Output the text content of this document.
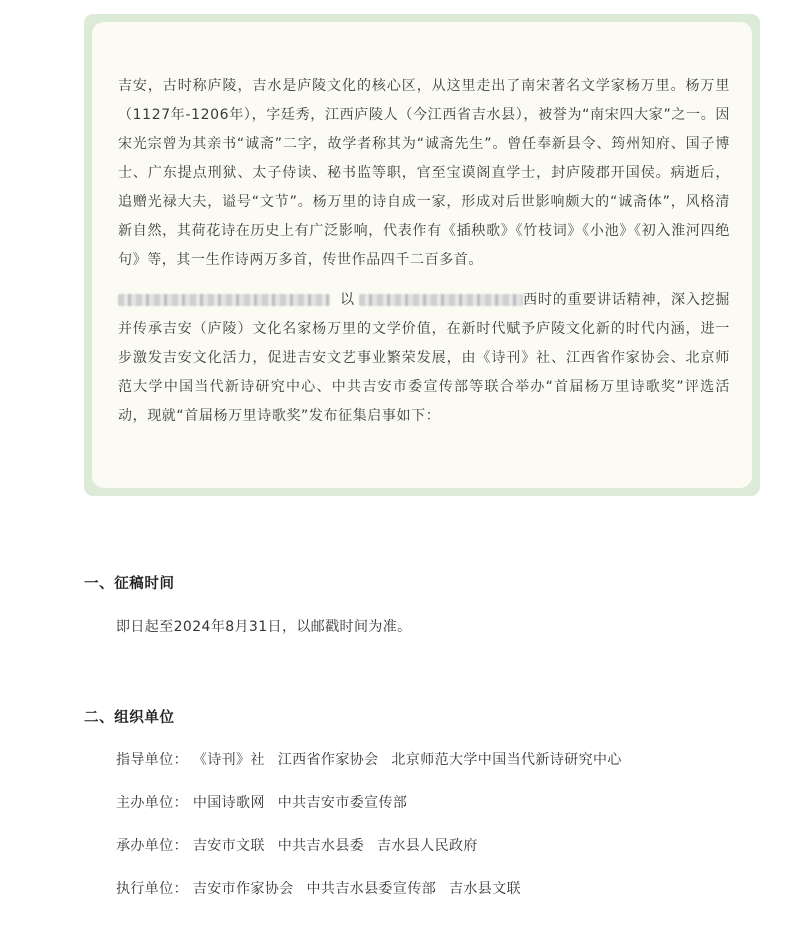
吉安，古时称庐陵，吉水是庐陵文化的核心区，从这里走出了南宋著名文学家杨万里。杨万里（1127年-1206年），字廷秀，江西庐陵人（今江西省吉水县），被誉为“南宋四大家”之一。因宋光宗曾为其亲书“诚斋”二字，故学者称其为“诚斋先生”。曾任奉新县令、筠州知府、国子博士、广东提点刑狱、太子侍读、秘书监等职，官至宝谟阁直学士，封庐陵郡开国侯。病逝后，追赠光禄大夫，谥号“文节”。杨万里的诗自成一家，形成对后世影响颇大的“诚斋体”，风格清新自然，其荷花诗在历史上有广泛影响，代表作有《插秧歌》《竹枝词》《小池》《初入淮河四绝句》等，其一生作诗两万多首，传世作品四千二百多首。

以	西时的重要讲话精神，深入挖掘并传承吉安（庐陵）文化名家杨万里的文学价值，在新时代赋予庐陵文化新的时代内涵，进一步激发吉安文化活力，促进吉安文艺事业繁荣发展，由《诗刊》社、江西省作家协会、北京师范大学中国当代新诗研究中心、中共吉安市委宣传部等联合举办“首届杨万里诗歌奖”评选活动，现就“首届杨万里诗歌奖”发布征集启事如下：

一、征稿时间
即日起至2024年8月31日，以邮戳时间为准。
二、组织单位
指导单位： 《诗刊》社 江西省作家协会 北京师范大学中国当代新诗研究中心
主办单位： 中国诗歌网 中共吉安市委宣传部
承办单位： 吉安市文联 中共吉水县委 吉水县人民政府
执行单位： 吉安市作家协会 中共吉水县委宣传部 吉水县文联
